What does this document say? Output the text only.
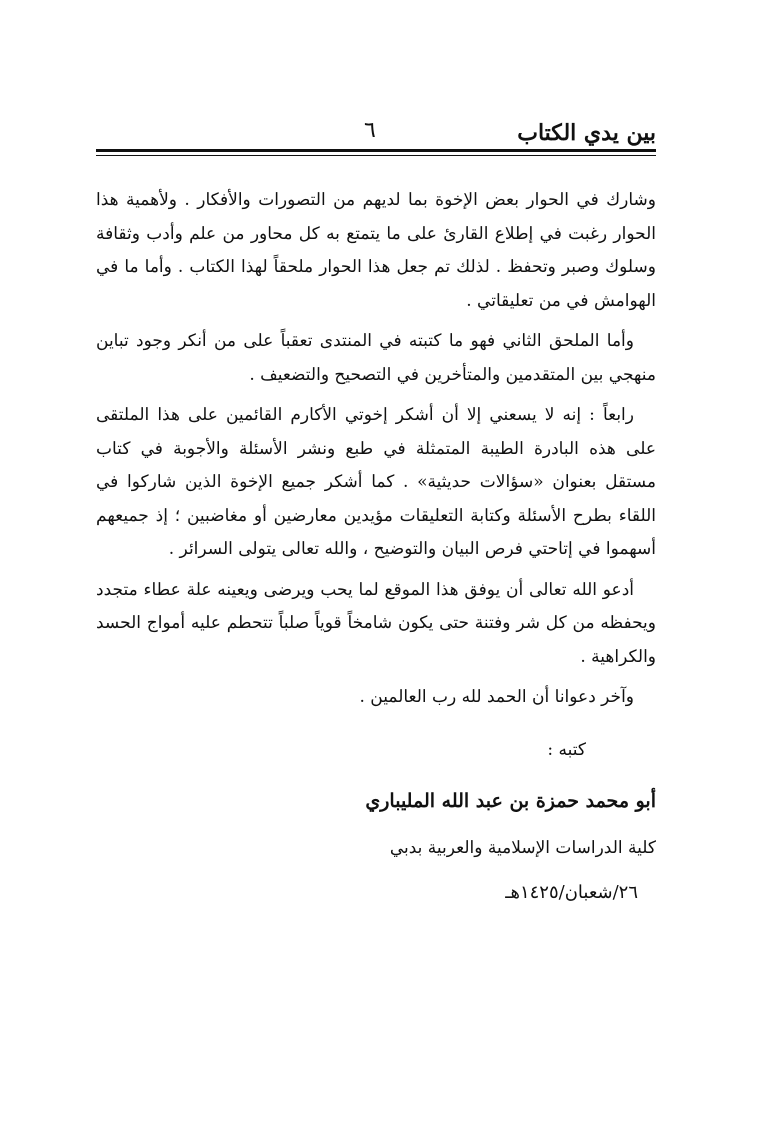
بين يدي الكتاب
٦

وشارك في الحوار بعض الإخوة بما لديهم من التصورات والأفكار . ولأهمية هذا الحوار رغبت في إطلاع القارئ على ما يتمتع به كل محاور من علم وأدب وثقافة وسلوك وصبر وتحفظ . لذلك تم جعل هذا الحوار ملحقاً لهذا الكتاب . وأما ما في الهوامش في من تعليقاتي .

وأما الملحق الثاني فهو ما كتبته في المنتدى تعقباً على من أنكر وجود تباين منهجي بين المتقدمين والمتأخرين في التصحيح والتضعيف .

رابعاً : إنه لا يسعني إلا أن أشكر إخوتي الأكارم القائمين على هذا الملتقى على هذه البادرة الطيبة المتمثلة في طبع ونشر الأسئلة والأجوبة في كتاب مستقل بعنوان «سؤالات حديثية» . كما أشكر جميع الإخوة الذين شاركوا في اللقاء بطرح الأسئلة وكتابة التعليقات مؤيدين معارضين أو مغاضبين ؛ إذ جميعهم أسهموا في إتاحتي فرص البيان والتوضيح ، والله تعالى يتولى السرائر .

أدعو الله تعالى أن يوفق هذا الموقع لما يحب ويرضى ويعينه علة عطاء متجدد ويحفظه من كل شر وفتنة حتى يكون شامخاً قوياً صلباً تتحطم عليه أمواج الحسد والكراهية .

وآخر دعوانا أن الحمد لله رب العالمين .

كتبه :
أبو محمد حمزة بن عبد الله المليباري
كلية الدراسات الإسلامية والعربية بدبي
٢٦/شعبان/١٤٢٥هـ
